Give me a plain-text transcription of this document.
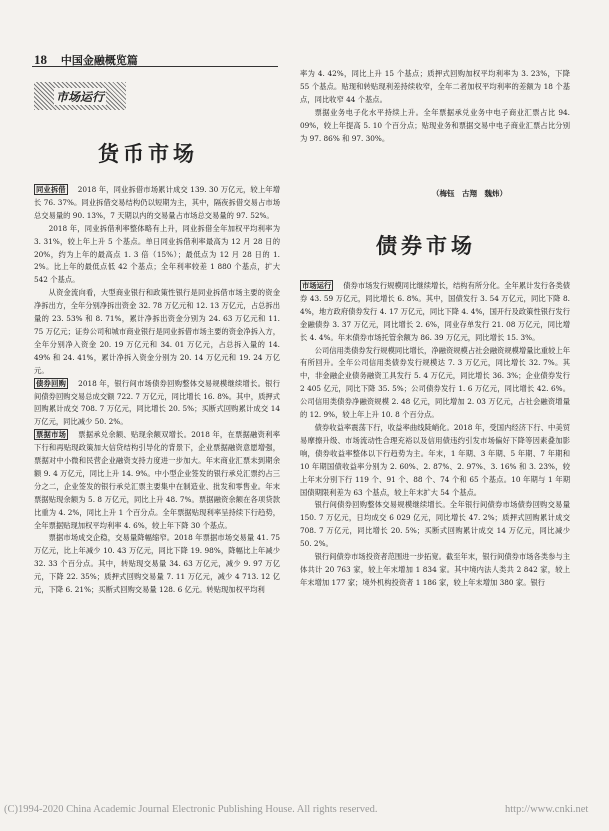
18 中国金融概览篇
市场运行
货币市场

同业拆借 2018 年，同业拆借市场累计成交 139. 30 万亿元，较上年增长 76. 37%。同业拆借交易结构仍以短期为主，其中，隔夜拆借交易占市场总交易量的 90. 13%，7 天期以内的交易量占市场总交易量的 97. 52%。

2018 年，同业拆借利率整体略有上升，同业拆借全年加权平均利率为 3. 31%，较上年上升 5 个基点。单日同业拆借利率最高为 12 月 28 日的 20%，约为上年的最高点 1. 3 倍（15%）；最低点为 12 月 28 日的 1. 2%。比上年的最低点低 42 个基点；全年利率较差 1 880 个基点，扩大 542 个基点。

从资金流向看，大型商业银行和政策性银行是同业拆借市场主要的资金净拆出方，全年分别净拆出资金 32. 78 万亿元和 12. 13 万亿元，占总拆出量的 23. 53% 和 8. 71%，累计净拆出资金分别为 24. 63 万亿元和 11. 75 万亿元；证券公司和城市商业银行是同业拆借市场主要的资金净拆入方，全年分别净入资金 20. 19 万亿元和 34. 01 万亿元，占总拆入量的 14. 49% 和 24. 41%，累计净拆入资金分别为 20. 14 万亿元和 19. 24 万亿元。

债券回购 2018 年，银行间市场债券回购整体交易规模继续增长。银行间债券回购交易总成交额 722. 7 万亿元，同比增长 16. 8%。其中，质押式回购累计成交 708. 7 万亿元，同比增长 20. 5%；买断式回购累计成交 14 万亿元，同比减少 50. 2%。

票据市场 票据承兑余额、贴现余额双增长。2018 年，在票据融资利率下行和再贴现政策加大信贷结构引导化的背景下，企业票据融资意愿增强，票据对中小微和民营企业融资支持力度进一步加大。年末商业汇票未到期余额 9. 4 万亿元，同比上升 14. 9%。中小型企业签发的银行承兑汇票约占三分之二，企业签发的银行承兑汇票主要集中在制造业、批发和零售业。年末票据贴现余额为 5. 8 万亿元，同比上升 48. 7%。票据融资余额在各项贷款比重为 4. 2%，同比上升 1 个百分点。全年票据贴现利率呈持续下行趋势，全年票据贴现加权平均利率 4. 6%，较上年下降 30 个基点。

票据市场成交企稳，交易量降幅缩窄。2018 年票据市场交易量 41. 75 万亿元，比上年减少 10. 43 万亿元，同比下降 19. 98%，降幅比上年减少 32. 33 个百分点。其中，转贴现交易量 34. 63 万亿元，减少 9. 97 万亿元，下降 22. 35%；质押式回购交易量 7. 11 万亿元，减少 4 713. 12 亿元，下降 6. 21%；买断式回购交易量 128. 6 亿元。转贴现加权平均利

率为 4. 42%，同比上升 15 个基点；质押式回购加权平均利率为 3. 23%，下降 55 个基点。贴现和转贴现利差持续收窄，全年二者加权平均利率的差额为 18 个基点，同比收窄 44 个基点。

票据业务电子化水平持续上升。全年票据承兑业务中电子商业汇票占比 94. 09%，较上年提高 5. 10 个百分点；贴现业务和票据交易中电子商业汇票占比分别为 97. 86% 和 97. 30%。

（梅钰　古翔　魏炜）
债券市场

市场运行 债券市场发行规模同比继续增长，结构有所分化。全年累计发行各类债券 43. 59 万亿元，同比增长 6. 8%。其中，国债发行 3. 54 万亿元，同比下降 8. 4%，地方政府债券发行 4. 17 万亿元，同比下降 4. 4%，国开行及政策性银行发行金融债券 3. 37 万亿元，同比增长 2. 6%，同业存单发行 21. 08 万亿元，同比增长 4. 4%。年末债券市场托管余额为 86. 39 万亿元，同比增长 15. 3%。

公司信用类债券发行规模同比增长，净融资规模占社会融资规模增量比重较上年有所回升。全年公司信用类债券发行规模达 7. 3 万亿元，同比增长 32. 7%。其中，非金融企业债务融资工具发行 5. 4 万亿元，同比增长 36. 3%；企业债券发行 2 405 亿元，同比下降 35. 5%；公司债券发行 1. 6 万亿元，同比增长 42. 6%。公司信用类债券净融资规模 2. 48 亿元，同比增加 2. 03 万亿元，占社会融资增量的 12. 9%，较上年上升 10. 8 个百分点。

债券收益率震荡下行，收益率曲线陡峭化。2018 年，受国内经济下行、中美贸易摩擦升级、市场流动性合理充裕以及信用债违约引发市场偏好下降等因素叠加影响，债券收益率整体以下行趋势为主。年末，1 年期、3 年期、5 年期、7 年期和 10 年期国债收益率分别为 2. 60%、2. 87%、2. 97%、3. 16% 和 3. 23%，较上年末分别下行 119 个、91 个、88 个、74 个和 65 个基点。10 年期与 1 年期国债期限利差为 63 个基点，较上年末扩大 54 个基点。

银行间债券回购整体交易规模继续增长。全年银行间债券市场债券回购交易量 150. 7 万亿元，日均成交 6 029 亿元，同比增长 47. 2%；质押式回购累计成交 708. 7 万亿元，同比增长 20. 5%；买断式回购累计成交 14 万亿元，同比减少 50. 2%。

银行间债券市场投资者范围进一步拓宽。截至年末，银行间债券市场各类参与主体共计 20 763 家，较上年末增加 1 834 家。其中境内法人类共 2 842 家，较上年末增加 177 家；境外机构投资者 1 186 家，较上年末增加 380 家。银行

(C)1994-2020 China Academic Journal Electronic Publishing House. All rights reserved.	http://www.cnki.net
